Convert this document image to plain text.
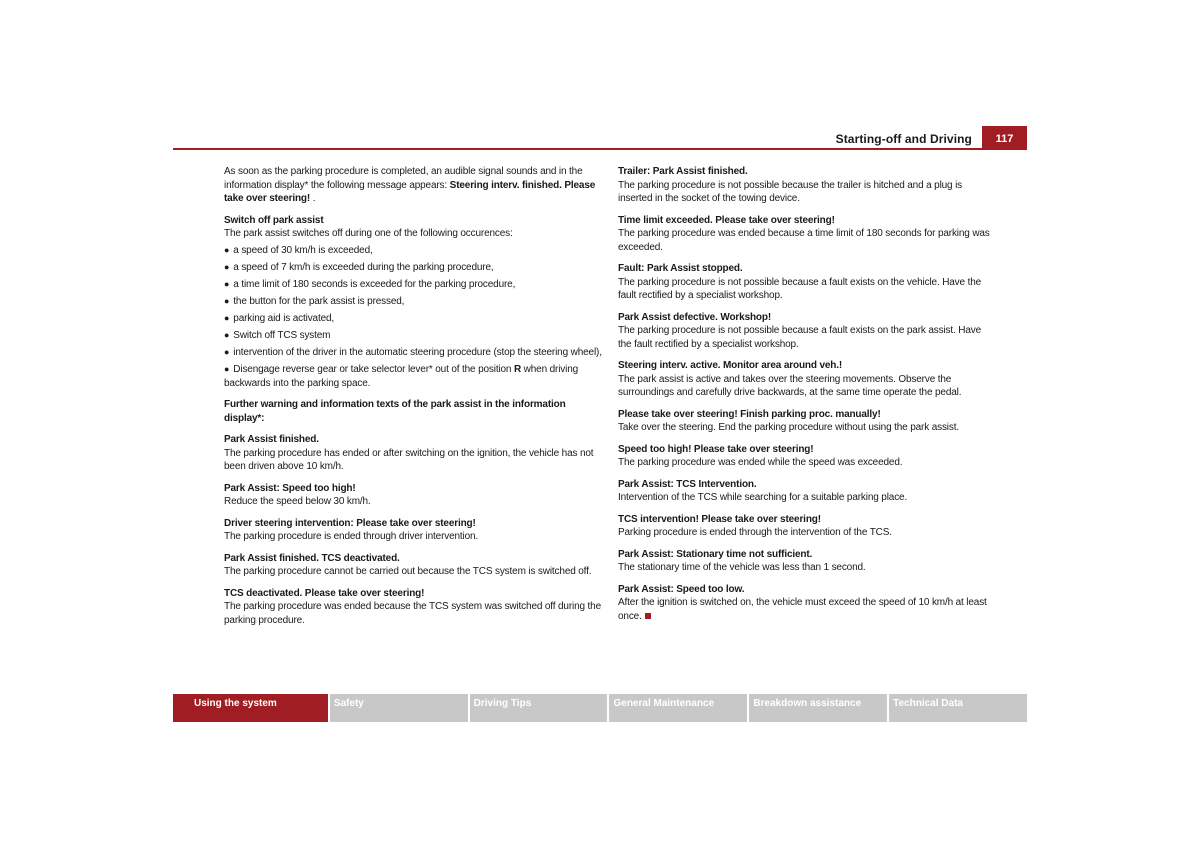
Starting-off and Driving	117

As soon as the parking procedure is completed, an audible signal sounds and in the information display* the following message appears: Steering interv. finished. Please take over steering! .

Switch off park assist

The park assist switches off during one of the following occurences:

● a speed of 30 km/h is exceeded,

● a speed of 7 km/h is exceeded during the parking procedure,

● a time limit of 180 seconds is exceeded for the parking procedure,

● the button for the park assist is pressed,

● parking aid is activated,

● Switch off TCS system

● intervention of the driver in the automatic steering procedure (stop the steering wheel),

● Disengage reverse gear or take selector lever* out of the position R when driving backwards into the parking space.

Further warning and information texts of the park assist in the information display*:

Park Assist finished.

The parking procedure has ended or after switching on the ignition, the vehicle has not been driven above 10 km/h.

Park Assist: Speed too high!

Reduce the speed below 30 km/h.

Driver steering intervention: Please take over steering!

The parking procedure is ended through driver intervention.

Park Assist finished. TCS deactivated.

The parking procedure cannot be carried out because the TCS system is switched off.

TCS deactivated. Please take over steering!

The parking procedure was ended because the TCS system was switched off during the parking procedure.

Trailer: Park Assist finished.

The parking procedure is not possible because the trailer is hitched and a plug is inserted in the socket of the towing device.

Time limit exceeded. Please take over steering!

The parking procedure was ended because a time limit of 180 seconds for parking was exceeded.

Fault: Park Assist stopped.

The parking procedure is not possible because a fault exists on the vehicle. Have the fault rectified by a specialist workshop.

Park Assist defective. Workshop!

The parking procedure is not possible because a fault exists on the park assist. Have the fault rectified by a specialist workshop.

Steering interv. active. Monitor area around veh.!

The park assist is active and takes over the steering movements. Observe the surroundings and carefully drive backwards, at the same time operate the pedal.

Please take over steering! Finish parking proc. manually!

Take over the steering. End the parking procedure without using the park assist.

Speed too high! Please take over steering!

The parking procedure was ended while the speed was exceeded.

Park Assist: TCS Intervention.

Intervention of the TCS while searching for a suitable parking place.

TCS intervention! Please take over steering!

Parking procedure is ended through the intervention of the TCS.

Park Assist: Stationary time not sufficient.

The stationary time of the vehicle was less than 1 second.

Park Assist: Speed too low.

After the ignition is switched on, the vehicle must exceed the speed of 10 km/h at least once.

Using the system	Safety	Driving Tips	General Maintenance	Breakdown assistance	Technical Data
